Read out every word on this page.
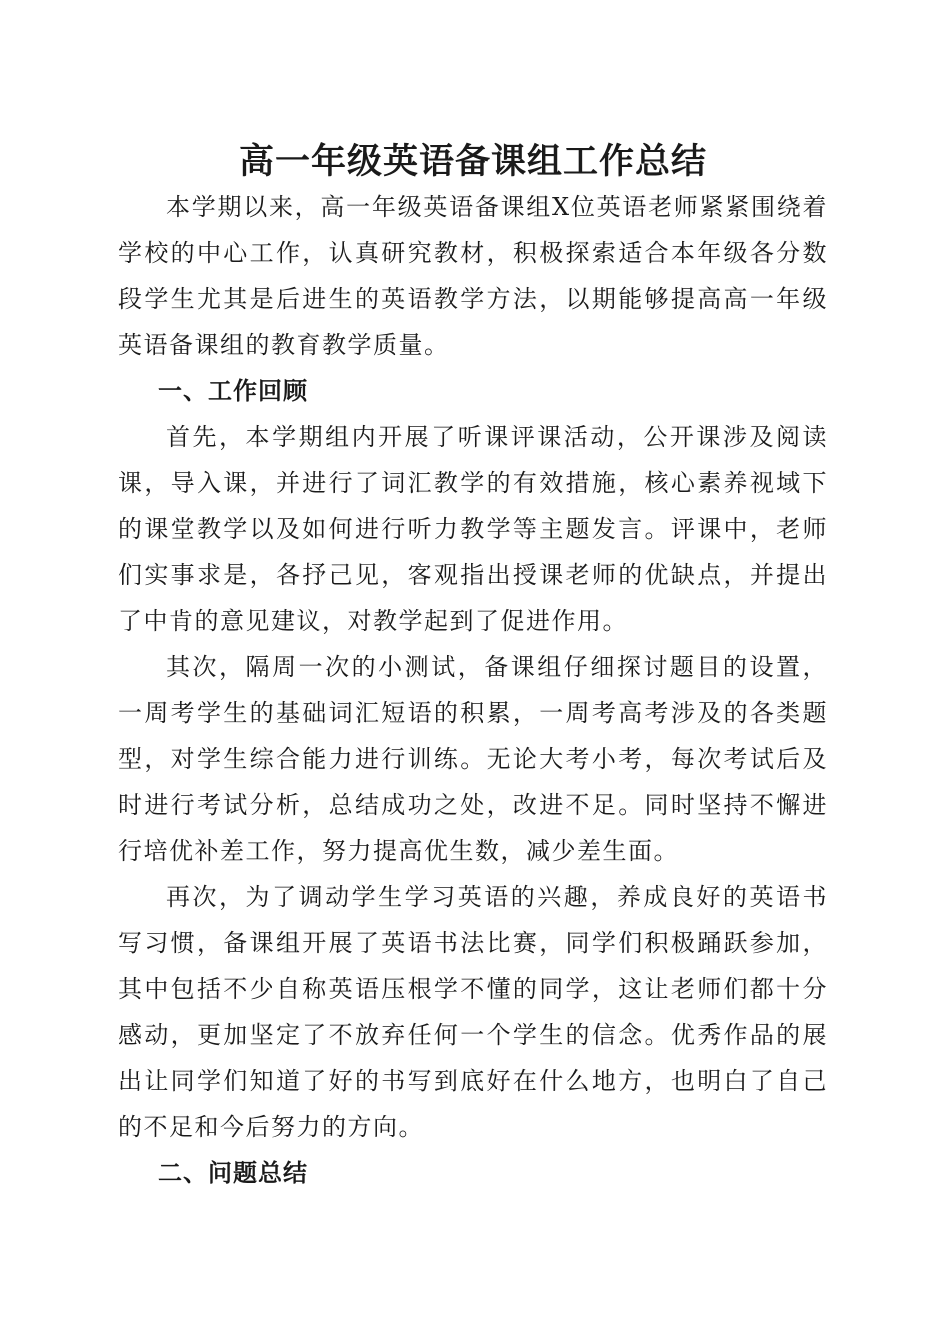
高一年级英语备课组工作总结

本学期以来，高一年级英语备课组X位英语老师紧紧围绕着学校的中心工作，认真研究教材，积极探索适合本年级各分数段学生尤其是后进生的英语教学方法，以期能够提高高一年级英语备课组的教育教学质量。

一、工作回顾

首先，本学期组内开展了听课评课活动，公开课涉及阅读课，导入课，并进行了词汇教学的有效措施，核心素养视域下的课堂教学以及如何进行听力教学等主题发言。评课中，老师们实事求是，各抒己见，客观指出授课老师的优缺点，并提出了中肯的意见建议，对教学起到了促进作用。

其次，隔周一次的小测试，备课组仔细探讨题目的设置，一周考学生的基础词汇短语的积累，一周考高考涉及的各类题型，对学生综合能力进行训练。无论大考小考，每次考试后及时进行考试分析，总结成功之处，改进不足。同时坚持不懈进行培优补差工作，努力提高优生数，减少差生面。

再次，为了调动学生学习英语的兴趣，养成良好的英语书写习惯，备课组开展了英语书法比赛，同学们积极踊跃参加，其中包括不少自称英语压根学不懂的同学，这让老师们都十分感动，更加坚定了不放弃任何一个学生的信念。优秀作品的展出让同学们知道了好的书写到底好在什么地方，也明白了自己的不足和今后努力的方向。

二、问题总结
